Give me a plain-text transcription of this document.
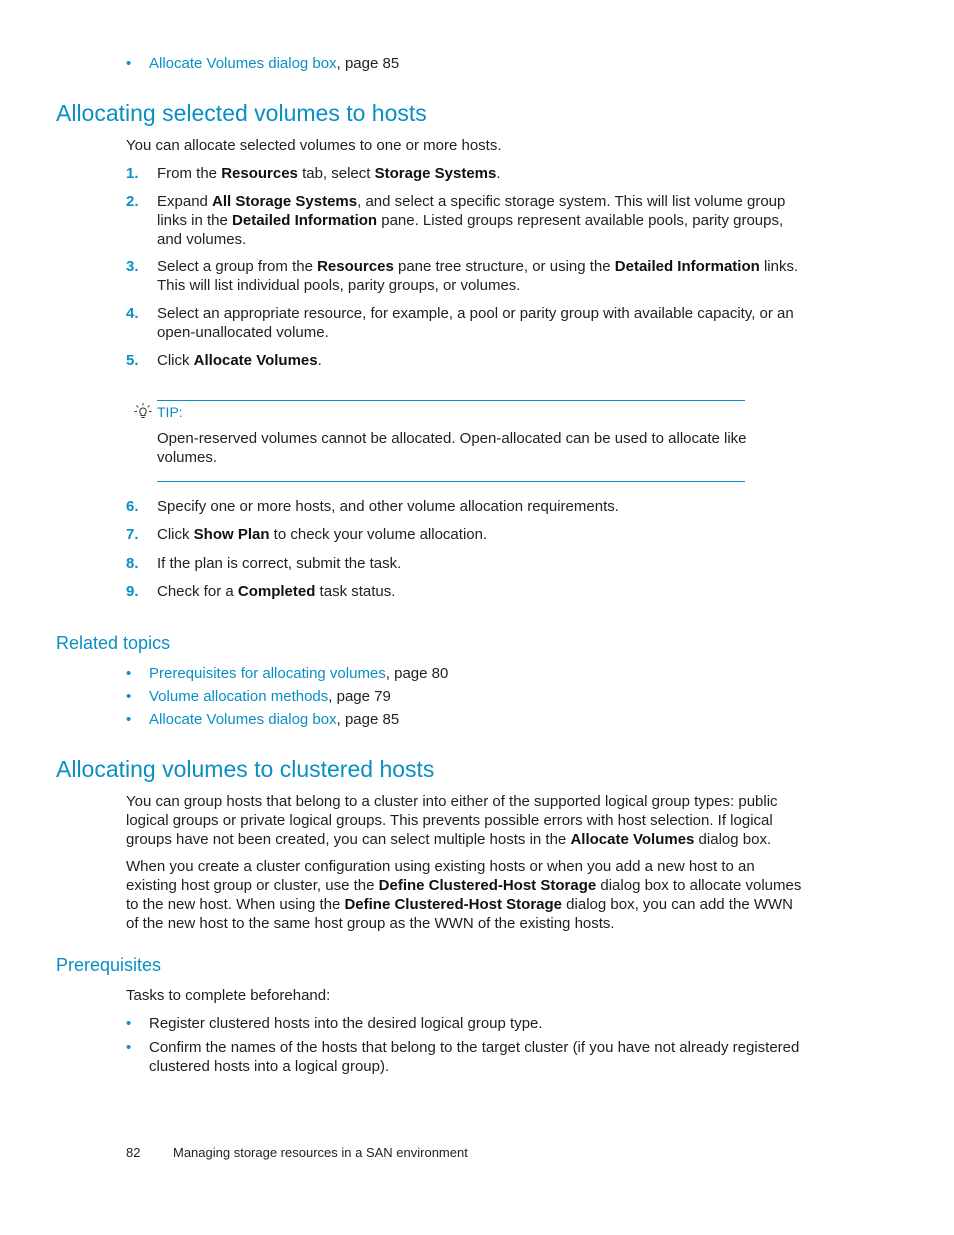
• Allocate Volumes dialog box, page 85
Allocating selected volumes to hosts
You can allocate selected volumes to one or more hosts.
1. From the Resources tab, select Storage Systems.
2. Expand All Storage Systems, and select a specific storage system. This will list volume group links in the Detailed Information pane. Listed groups represent available pools, parity groups, and volumes.
3. Select a group from the Resources pane tree structure, or using the Detailed Information links. This will list individual pools, parity groups, or volumes.
4. Select an appropriate resource, for example, a pool or parity group with available capacity, or an open-unallocated volume.
5. Click Allocate Volumes.
TIP:
Open-reserved volumes cannot be allocated. Open-allocated can be used to allocate like volumes.
6. Specify one or more hosts, and other volume allocation requirements.
7. Click Show Plan to check your volume allocation.
8. If the plan is correct, submit the task.
9. Check for a Completed task status.
Related topics
• Prerequisites for allocating volumes, page 80
• Volume allocation methods, page 79
• Allocate Volumes dialog box, page 85
Allocating volumes to clustered hosts
You can group hosts that belong to a cluster into either of the supported logical group types: public logical groups or private logical groups. This prevents possible errors with host selection. If logical groups have not been created, you can select multiple hosts in the Allocate Volumes dialog box.
When you create a cluster configuration using existing hosts or when you add a new host to an existing host group or cluster, use the Define Clustered-Host Storage dialog box to allocate volumes to the new host. When using the Define Clustered-Host Storage dialog box, you can add the WWN of the new host to the same host group as the WWN of the existing hosts.
Prerequisites
Tasks to complete beforehand:
• Register clustered hosts into the desired logical group type.
• Confirm the names of the hosts that belong to the target cluster (if you have not already registered clustered hosts into a logical group).
82	Managing storage resources in a SAN environment
